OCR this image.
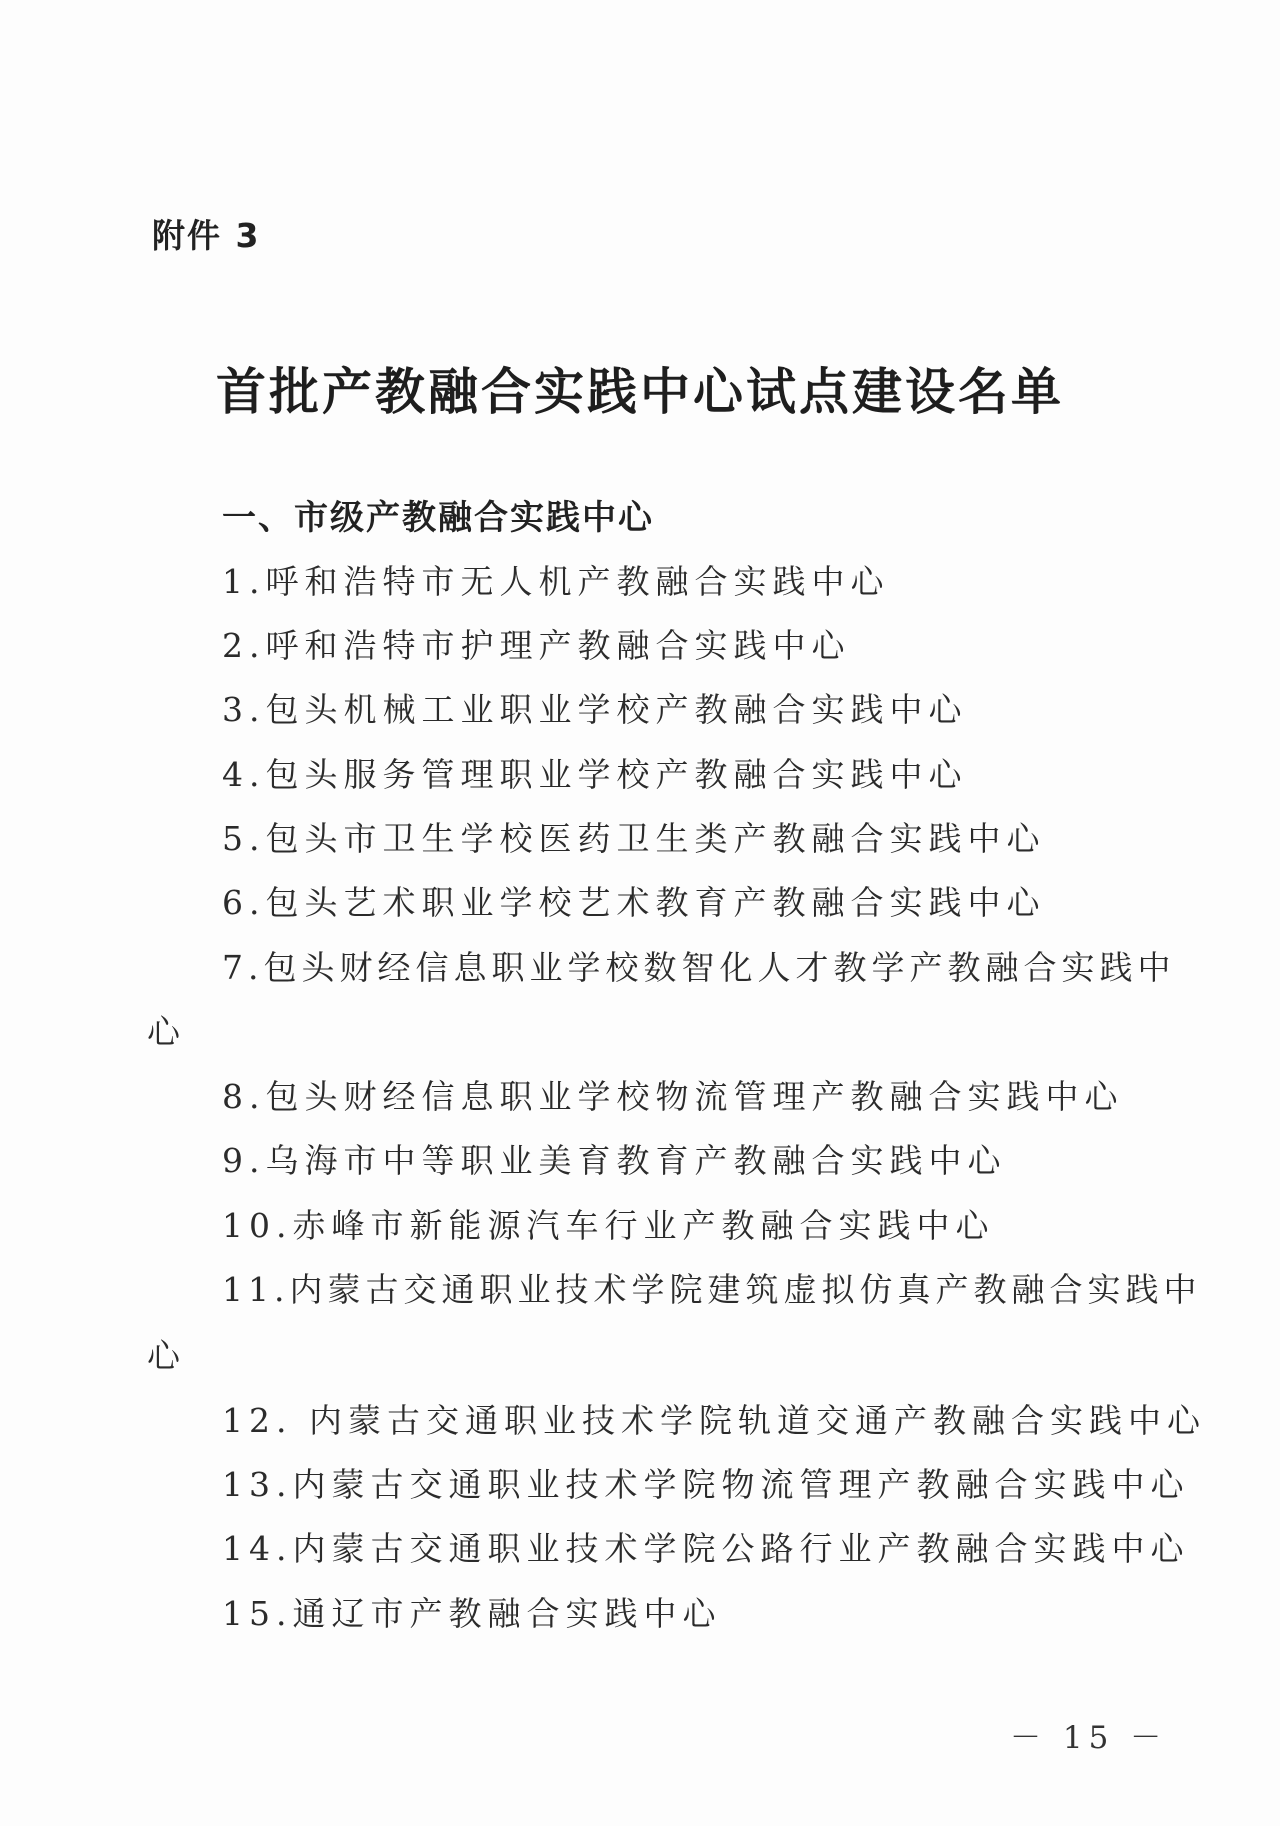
附件 3
首批产教融合实践中心试点建设名单
一、市级产教融合实践中心
1.呼和浩特市无人机产教融合实践中心
2.呼和浩特市护理产教融合实践中心
3.包头机械工业职业学校产教融合实践中心
4.包头服务管理职业学校产教融合实践中心
5.包头市卫生学校医药卫生类产教融合实践中心
6.包头艺术职业学校艺术教育产教融合实践中心
7.包头财经信息职业学校数智化人才教学产教融合实践中
心
8.包头财经信息职业学校物流管理产教融合实践中心
9.乌海市中等职业美育教育产教融合实践中心
10.赤峰市新能源汽车行业产教融合实践中心
11.内蒙古交通职业技术学院建筑虚拟仿真产教融合实践中
心
12. 内蒙古交通职业技术学院轨道交通产教融合实践中心
13.内蒙古交通职业技术学院物流管理产教融合实践中心
14.内蒙古交通职业技术学院公路行业产教融合实践中心
15.通辽市产教融合实践中心
－ 15 －
